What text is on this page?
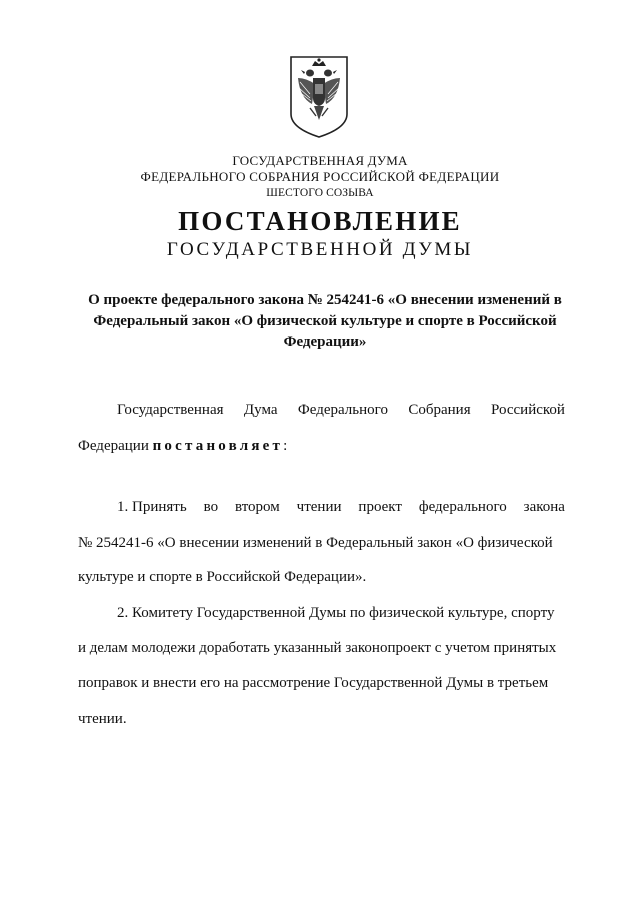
ГОСУДАРСТВЕННАЯ ДУМА
ФЕДЕРАЛЬНОГО СОБРАНИЯ РОССИЙСКОЙ ФЕДЕРАЦИИ
ШЕСТОГО СОЗЫВА
ПОСТАНОВЛЕНИЕ
ГОСУДАРСТВЕННОЙ ДУМЫ
О проекте федерального закона № 254241-6 «О внесении изменений в
Федеральный закон «О физической культуре и спорте в Российской
Федерации»
Государственная Дума Федерального Собрания Российской
Федерации постановляет:
1. Принять во втором чтении проект федерального закона
№ 254241-6 «О внесении изменений в Федеральный закон «О физической
культуре и спорте в Российской Федерации».
2. Комитету Государственной Думы по физической культуре, спорту
и делам молодежи доработать указанный законопроект с учетом принятых
поправок и внести его на рассмотрение Государственной Думы в третьем
чтении.
